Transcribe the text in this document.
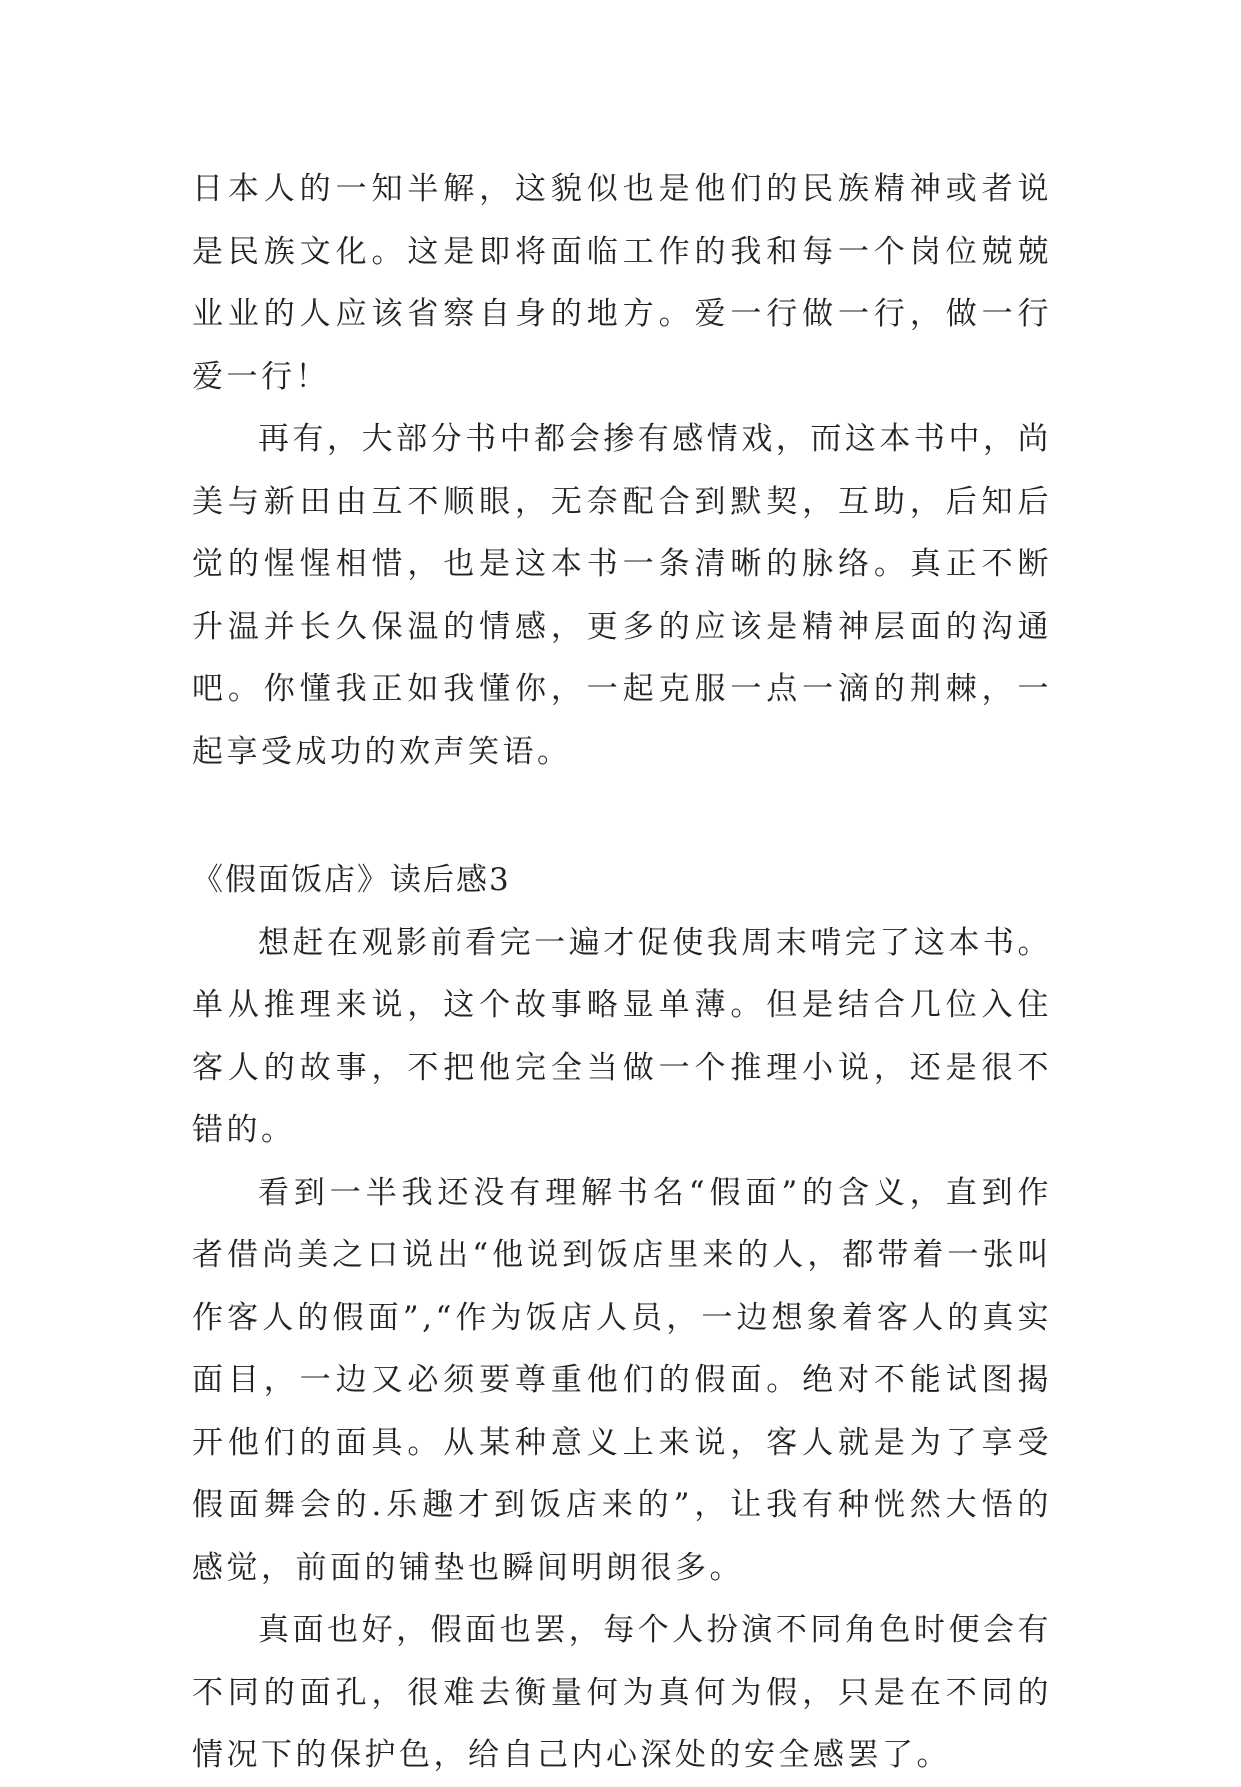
日本人的一知半解，这貌似也是他们的民族精神或者说是民族文化。这是即将面临工作的我和每一个岗位兢兢业业的人应该省察自身的地方。爱一行做一行，做一行爱一行！

再有，大部分书中都会掺有感情戏，而这本书中，尚美与新田由互不顺眼，无奈配合到默契，互助，后知后觉的惺惺相惜，也是这本书一条清晰的脉络。真正不断升温并长久保温的情感，更多的应该是精神层面的沟通吧。你懂我正如我懂你，一起克服一点一滴的荆棘，一起享受成功的欢声笑语。

《假面饭店》读后感3

想赶在观影前看完一遍才促使我周末啃完了这本书。单从推理来说，这个故事略显单薄。但是结合几位入住客人的故事，不把他完全当做一个推理小说，还是很不错的。

看到一半我还没有理解书名“假面”的含义，直到作者借尚美之口说出“他说到饭店里来的人，都带着一张叫作客人的假面”,“作为饭店人员，一边想象着客人的真实面目，一边又必须要尊重他们的假面。绝对不能试图揭开他们的面具。从某种意义上来说，客人就是为了享受假面舞会的.乐趣才到饭店来的”，让我有种恍然大悟的感觉，前面的铺垫也瞬间明朗很多。

真面也好，假面也罢，每个人扮演不同角色时便会有不同的面孔，很难去衡量何为真何为假，只是在不同的情况下的保护色，给自己内心深处的安全感罢了。
